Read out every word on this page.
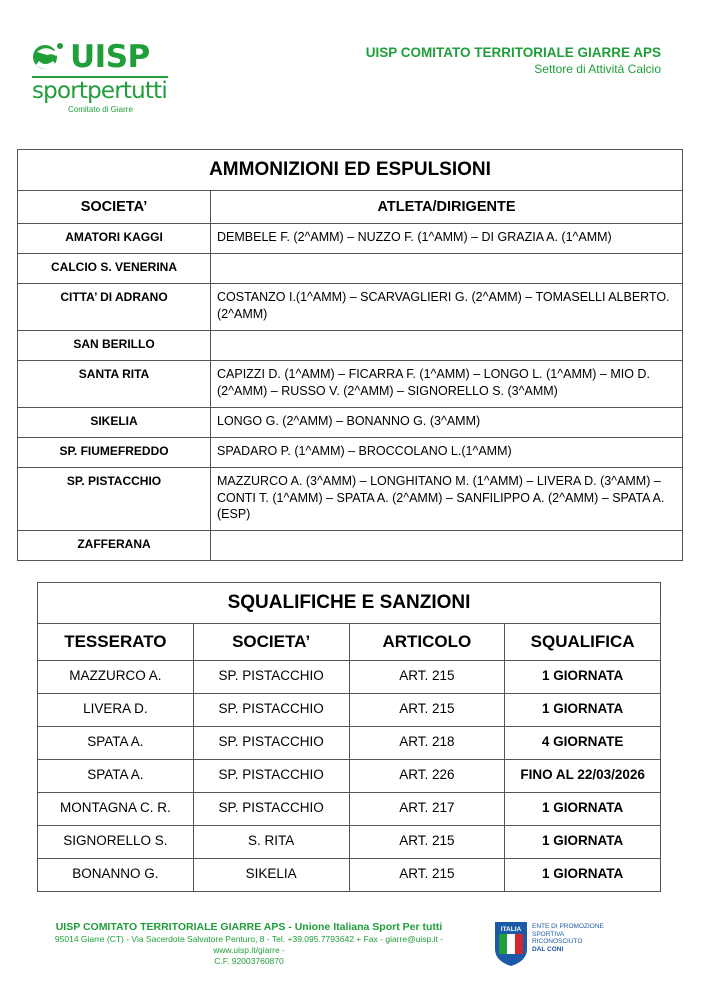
UISP
sportpertutti
Comitato di Giarre
UISP COMITATO TERRITORIALE GIARRE APS
Settore di Attività Calcio
AMMONIZIONI ED ESPULSIONI	
SOCIETA’	ATLETA/DIRIGENTE
AMATORI KAGGI	DEMBELE F. (2^AMM) – NUZZO F. (1^AMM) – DI GRAZIA A. (1^AMM)
CALCIO S. VENERINA	
CITTA’ DI ADRANO	COSTANZO I.(1^AMM) – SCARVAGLIERI G. (2^AMM) – TOMASELLI ALBERTO. (2^AMM)
SAN BERILLO	
SANTA RITA	CAPIZZI D. (1^AMM) – FICARRA F. (1^AMM) – LONGO L. (1^AMM) – MIO D. (2^AMM) – RUSSO V. (2^AMM) – SIGNORELLO S. (3^AMM)
SIKELIA	LONGO G. (2^AMM) – BONANNO G. (3^AMM)
SP. FIUMEFREDDO	SPADARO P. (1^AMM) – BROCCOLANO L.(1^AMM)
SP. PISTACCHIO	MAZZURCO A. (3^AMM) – LONGHITANO M. (1^AMM) – LIVERA D. (3^AMM) – CONTI T. (1^AMM) – SPATA A. (2^AMM) – SANFILIPPO A. (2^AMM) – SPATA A. (ESP)
ZAFFERANA	
SQUALIFICHE E SANZIONI			
TESSERATO	SOCIETA’	ARTICOLO	SQUALIFICA
MAZZURCO A.	SP. PISTACCHIO	ART. 215	1 GIORNATA
LIVERA D.	SP. PISTACCHIO	ART. 215	1 GIORNATA
SPATA A.	SP. PISTACCHIO	ART. 218	4 GIORNATE
SPATA A.	SP. PISTACCHIO	ART. 226	FINO AL 22/03/2026
MONTAGNA C. R.	SP. PISTACCHIO	ART. 217	1 GIORNATA
SIGNORELLO S.	S. RITA	ART. 215	1 GIORNATA
BONANNO G.	SIKELIA	ART. 215	1 GIORNATA
UISP COMITATO TERRITORIALE GIARRE APS - Unione Italiana Sport Per tutti
95014 Giarre (CT) - Via Sacerdote Salvatore Penturo, 8 - Tel. +39.095.7793642 + Fax - giarre@uisp.it - www.uisp.it/giarre -
C.F. 92003760870
ITALIA ENTE DI PROMOZIONE
SPORTIVA
RICONOSCIUTO
DAL CONI
